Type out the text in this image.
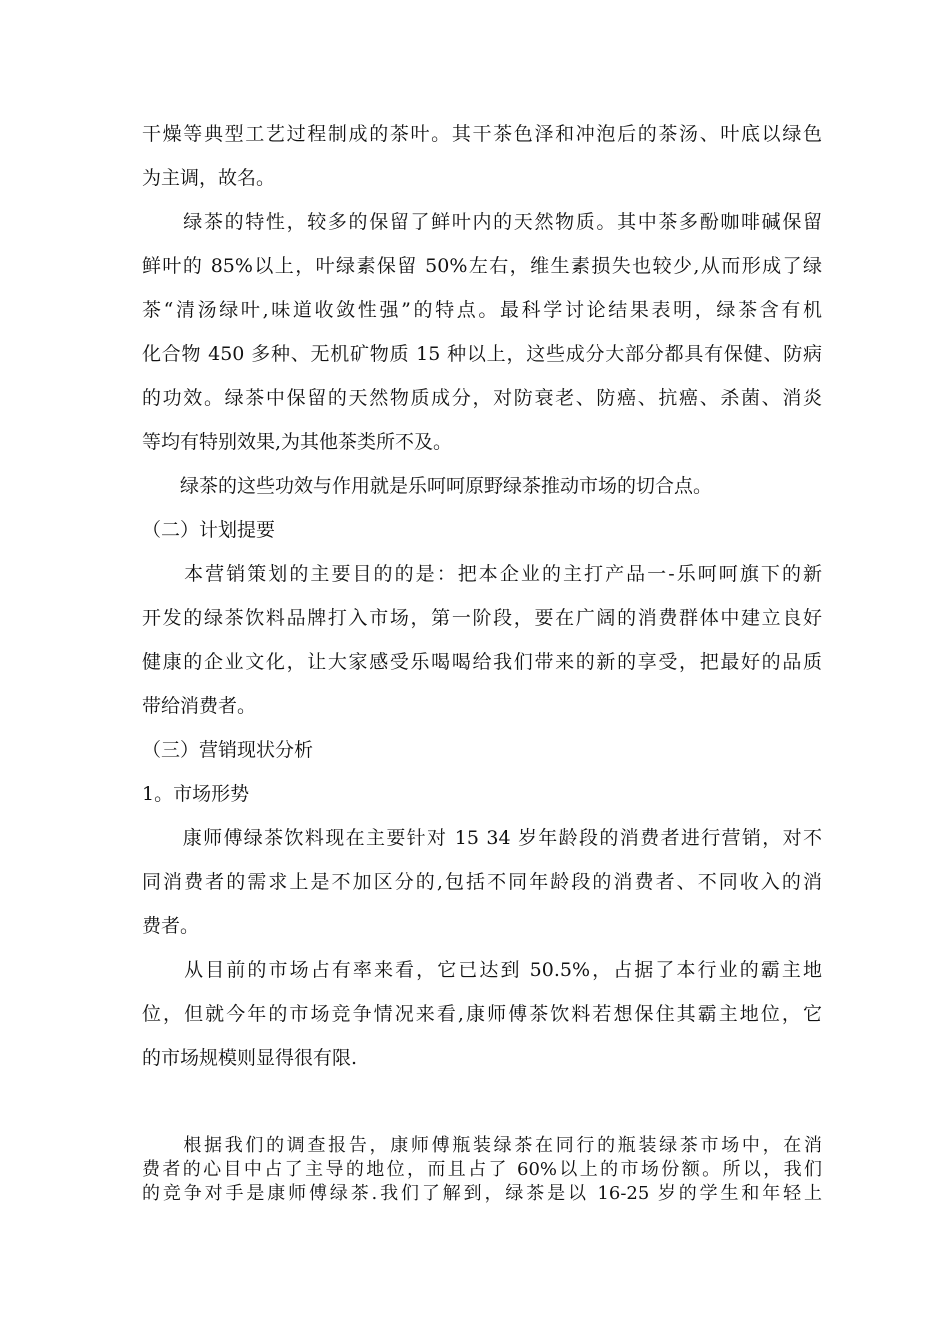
干燥等典型工艺过程制成的茶叶。其干茶色泽和冲泡后的茶汤、叶底以绿色
为主调，故名。
　　绿茶的特性，较多的保留了鲜叶内的天然物质。其中茶多酚咖啡碱保留
鲜叶的 85%以上，叶绿素保留 50%左右，维生素损失也较少,从而形成了绿
茶“清汤绿叶,味道收敛性强”的特点。最科学讨论结果表明，绿茶含有机
化合物 450 多种、无机矿物质 15 种以上，这些成分大部分都具有保健、防病
的功效。绿茶中保留的天然物质成分，对防衰老、防癌、抗癌、杀菌、消炎
等均有特别效果,为其他茶类所不及。
　　绿茶的这些功效与作用就是乐呵呵原野绿茶推动市场的切合点。
（二）计划提要
　　本营销策划的主要目的的是：把本企业的主打产品一-乐呵呵旗下的新
开发的绿茶饮料品牌打入市场，第一阶段，要在广阔的消费群体中建立良好
健康的企业文化，让大家感受乐喝喝给我们带来的新的享受，把最好的品质
带给消费者。
（三）营销现状分析
1。市场形势
　　康师傅绿茶饮料现在主要针对 15 34 岁年龄段的消费者进行营销，对不
同消费者的需求上是不加区分的,包括不同年龄段的消费者、不同收入的消
费者。
　　从目前的市场占有率来看，它已达到 50.5%，占据了本行业的霸主地
位，但就今年的市场竞争情况来看,康师傅茶饮料若想保住其霸主地位，它
的市场规模则显得很有限.
　　根据我们的调查报告，康师傅瓶装绿茶在同行的瓶装绿茶市场中，在消
费者的心目中占了主导的地位，而且占了 60%以上的市场份额。所以，我们
的竞争对手是康师傅绿茶.我们了解到，绿茶是以 16-25 岁的学生和年轻上
